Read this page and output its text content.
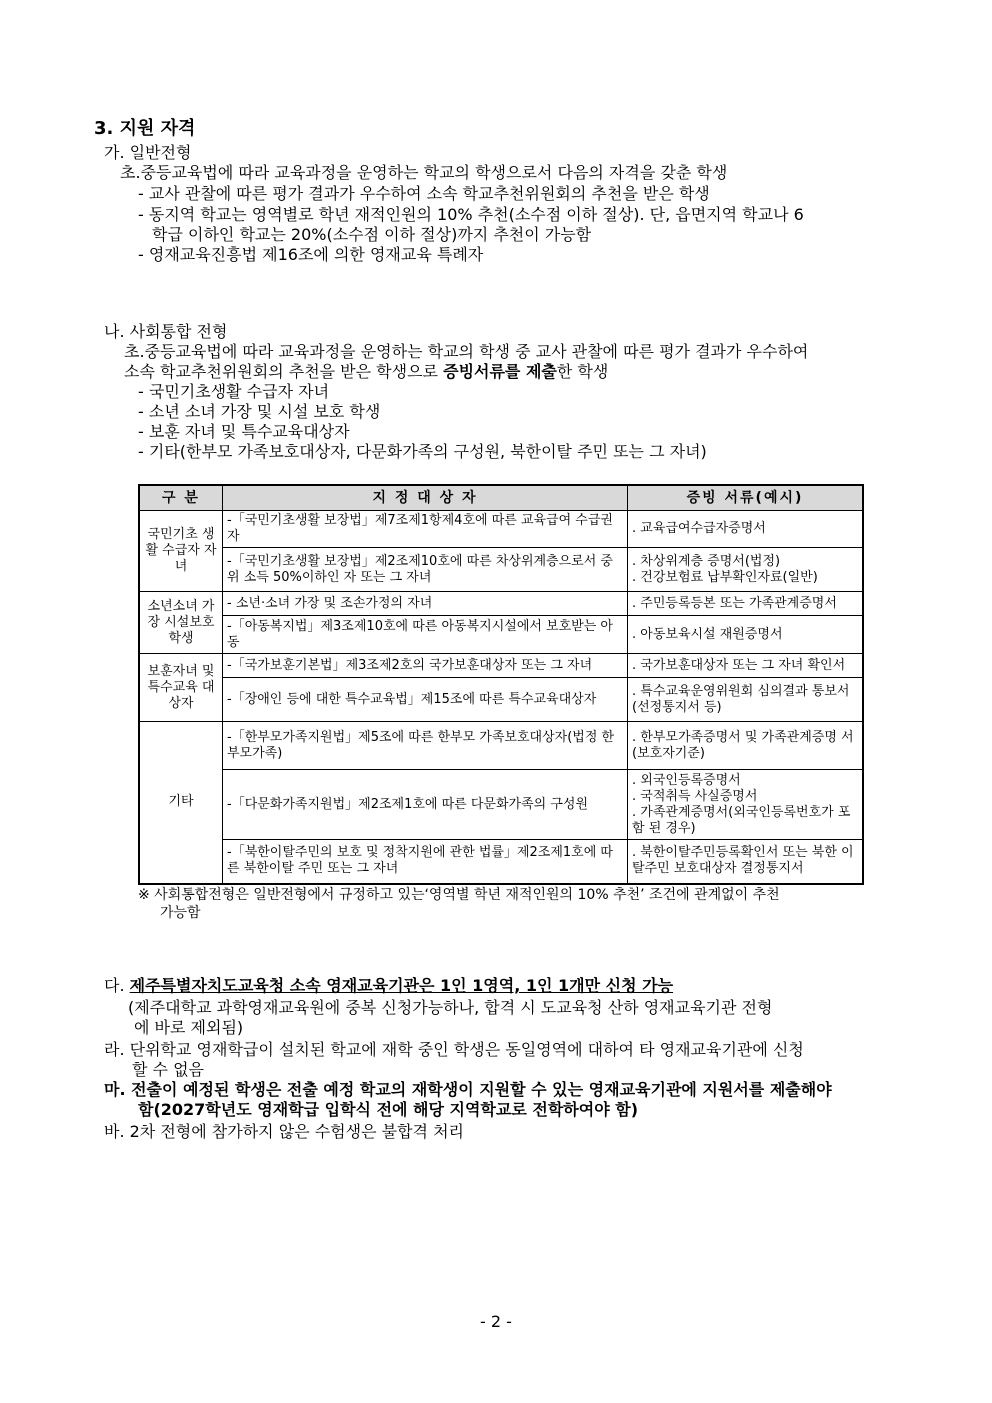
3. 지원 자격
가. 일반전형
초.중등교육법에 따라 교육과정을 운영하는 학교의 학생으로서 다음의 자격을 갖춘 학생
- 교사 관찰에 따른 평가 결과가 우수하여 소속 학교추천위원회의 추천을 받은 학생
- 동지역 학교는 영역별로 학년 재적인원의 10% 추천(소수점 이하 절상). 단, 읍면지역 학교나 6
학급 이하인 학교는 20%(소수점 이하 절상)까지 추천이 가능함
- 영재교육진흥법 제16조에 의한 영재교육 특례자
나. 사회통합 전형
초.중등교육법에 따라 교육과정을 운영하는 학교의 학생 중 교사 관찰에 따른 평가 결과가 우수하여
소속 학교추천위원회의 추천을 받은 학생으로 증빙서류를 제출한 학생
- 국민기초생활 수급자 자녀
- 소년 소녀 가장 및 시설 보호 학생
- 보훈 자녀 및 특수교육대상자
- 기타(한부모 가족보호대상자, 다문화가족의 구성원, 북한이탈 주민 또는 그 자녀)
구 분	지 정 대 상 자	증빙 서류(예시)
국민기초 생활 수급자 자녀	-「국민기초생활 보장법」제7조제1항제4호에 따른 교육급여 수급권자	. 교육급여수급자증명서

	-「국민기초생활 보장법」제2조제10호에 따른 차상위계층으로서 중위 소득 50%이하인 자 또는 그 자녀	. 차상위계층 증명서(법정)
. 건강보험료 납부확인자료(일반)

소년소녀 가장 시설보호학생	- 소년·소녀 가장 및 조손가정의 자녀	. 주민등록등본 또는 가족관계증명서

	-「아동복지법」제3조제10호에 따른 아동복지시설에서 보호받는 아동	. 아동보육시설 재원증명서

보훈자녀 및 특수교육 대상자	-「국가보훈기본법」제3조제2호의 국가보훈대상자 또는 그 자녀	. 국가보훈대상자 또는 그 자녀 확인서

	-「장애인 등에 대한 특수교육법」제15조에 따른 특수교육대상자	. 특수교육운영위원회 심의결과 통보서 (선정통지서 등)

기타	-「한부모가족지원법」제5조에 따른 한부모 가족보호대상자(법정 한부모가족)	. 한부모가족증명서 및 가족관계증명 서(보호자기준)

	-「다문화가족지원법」제2조제1호에 따른 다문화가족의 구성원	. 외국인등록증명서
. 국적취득 사실증명서
. 가족관계증명서(외국인등록번호가 포함 된 경우)

	-「북한이탈주민의 보호 및 정착지원에 관한 법률」제2조제1호에 따른 북한이탈 주민 또는 그 자녀	. 북한이탈주민등록확인서 또는 북한 이탈주민 보호대상자 결정통지서
※ 사회통합전형은 일반전형에서 규정하고 있는‘영역별 학년 재적인원의 10% 추천’ 조건에 관계없이 추천
가능함
다. 제주특별자치도교육청 소속 영재교육기관은 1인 1영역, 1인 1개만 신청 가능
(제주대학교 과학영재교육원에 중복 신청가능하나, 합격 시 도교육청 산하 영재교육기관 전형
에 바로 제외됨)
라. 단위학교 영재학급이 설치된 학교에 재학 중인 학생은 동일영역에 대하여 타 영재교육기관에 신청
할 수 없음
마. 전출이 예정된 학생은 전출 예정 학교의 재학생이 지원할 수 있는 영재교육기관에 지원서를 제출해야
함(2027학년도 영재학급 입학식 전에 해당 지역학교로 전학하여야 함)
바. 2차 전형에 참가하지 않은 수험생은 불합격 처리
- 2 -
